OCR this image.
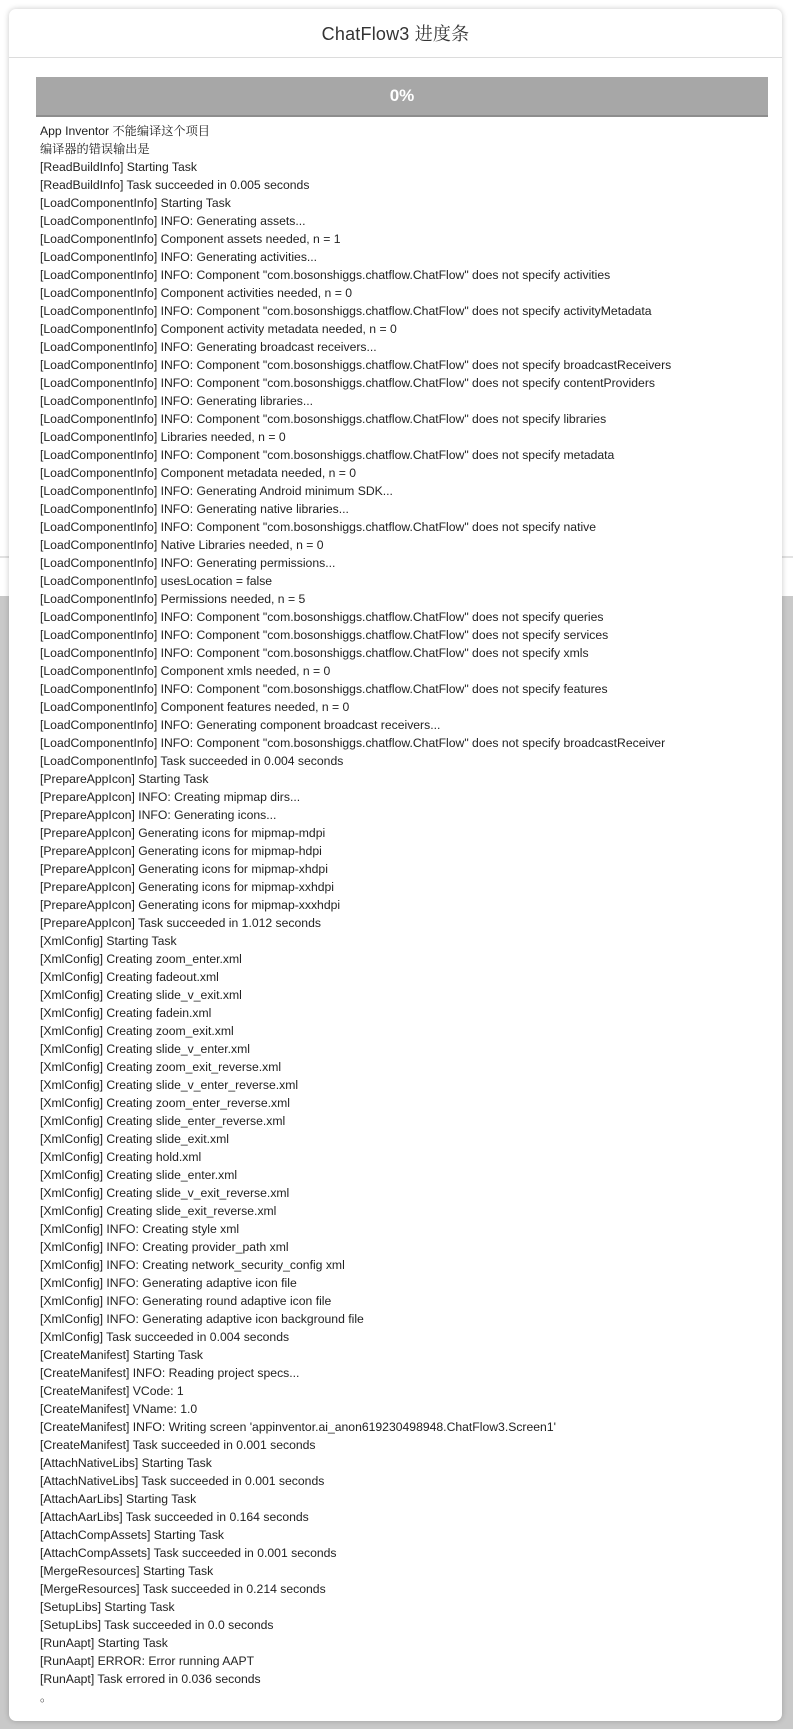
ChatFlow3 进度条
0%
App Inventor 不能编译这个项目
编译器的错误输出是
[ReadBuildInfo] Starting Task
[ReadBuildInfo] Task succeeded in 0.005 seconds
[LoadComponentInfo] Starting Task
[LoadComponentInfo] INFO: Generating assets...
[LoadComponentInfo] Component assets needed, n = 1
[LoadComponentInfo] INFO: Generating activities...
[LoadComponentInfo] INFO: Component "com.bosonshiggs.chatflow.ChatFlow" does not specify activities
[LoadComponentInfo] Component activities needed, n = 0
[LoadComponentInfo] INFO: Component "com.bosonshiggs.chatflow.ChatFlow" does not specify activityMetadata
[LoadComponentInfo] Component activity metadata needed, n = 0
[LoadComponentInfo] INFO: Generating broadcast receivers...
[LoadComponentInfo] INFO: Component "com.bosonshiggs.chatflow.ChatFlow" does not specify broadcastReceivers
[LoadComponentInfo] INFO: Component "com.bosonshiggs.chatflow.ChatFlow" does not specify contentProviders
[LoadComponentInfo] INFO: Generating libraries...
[LoadComponentInfo] INFO: Component "com.bosonshiggs.chatflow.ChatFlow" does not specify libraries
[LoadComponentInfo] Libraries needed, n = 0
[LoadComponentInfo] INFO: Component "com.bosonshiggs.chatflow.ChatFlow" does not specify metadata
[LoadComponentInfo] Component metadata needed, n = 0
[LoadComponentInfo] INFO: Generating Android minimum SDK...
[LoadComponentInfo] INFO: Generating native libraries...
[LoadComponentInfo] INFO: Component "com.bosonshiggs.chatflow.ChatFlow" does not specify native
[LoadComponentInfo] Native Libraries needed, n = 0
[LoadComponentInfo] INFO: Generating permissions...
[LoadComponentInfo] usesLocation = false
[LoadComponentInfo] Permissions needed, n = 5
[LoadComponentInfo] INFO: Component "com.bosonshiggs.chatflow.ChatFlow" does not specify queries
[LoadComponentInfo] INFO: Component "com.bosonshiggs.chatflow.ChatFlow" does not specify services
[LoadComponentInfo] INFO: Component "com.bosonshiggs.chatflow.ChatFlow" does not specify xmls
[LoadComponentInfo] Component xmls needed, n = 0
[LoadComponentInfo] INFO: Component "com.bosonshiggs.chatflow.ChatFlow" does not specify features
[LoadComponentInfo] Component features needed, n = 0
[LoadComponentInfo] INFO: Generating component broadcast receivers...
[LoadComponentInfo] INFO: Component "com.bosonshiggs.chatflow.ChatFlow" does not specify broadcastReceiver
[LoadComponentInfo] Task succeeded in 0.004 seconds
[PrepareAppIcon] Starting Task
[PrepareAppIcon] INFO: Creating mipmap dirs...
[PrepareAppIcon] INFO: Generating icons...
[PrepareAppIcon] Generating icons for mipmap-mdpi
[PrepareAppIcon] Generating icons for mipmap-hdpi
[PrepareAppIcon] Generating icons for mipmap-xhdpi
[PrepareAppIcon] Generating icons for mipmap-xxhdpi
[PrepareAppIcon] Generating icons for mipmap-xxxhdpi
[PrepareAppIcon] Task succeeded in 1.012 seconds
[XmlConfig] Starting Task
[XmlConfig] Creating zoom_enter.xml
[XmlConfig] Creating fadeout.xml
[XmlConfig] Creating slide_v_exit.xml
[XmlConfig] Creating fadein.xml
[XmlConfig] Creating zoom_exit.xml
[XmlConfig] Creating slide_v_enter.xml
[XmlConfig] Creating zoom_exit_reverse.xml
[XmlConfig] Creating slide_v_enter_reverse.xml
[XmlConfig] Creating zoom_enter_reverse.xml
[XmlConfig] Creating slide_enter_reverse.xml
[XmlConfig] Creating slide_exit.xml
[XmlConfig] Creating hold.xml
[XmlConfig] Creating slide_enter.xml
[XmlConfig] Creating slide_v_exit_reverse.xml
[XmlConfig] Creating slide_exit_reverse.xml
[XmlConfig] INFO: Creating style xml
[XmlConfig] INFO: Creating provider_path xml
[XmlConfig] INFO: Creating network_security_config xml
[XmlConfig] INFO: Generating adaptive icon file
[XmlConfig] INFO: Generating round adaptive icon file
[XmlConfig] INFO: Generating adaptive icon background file
[XmlConfig] Task succeeded in 0.004 seconds
[CreateManifest] Starting Task
[CreateManifest] INFO: Reading project specs...
[CreateManifest] VCode: 1
[CreateManifest] VName: 1.0
[CreateManifest] INFO: Writing screen 'appinventor.ai_anon619230498948.ChatFlow3.Screen1'
[CreateManifest] Task succeeded in 0.001 seconds
[AttachNativeLibs] Starting Task
[AttachNativeLibs] Task succeeded in 0.001 seconds
[AttachAarLibs] Starting Task
[AttachAarLibs] Task succeeded in 0.164 seconds
[AttachCompAssets] Starting Task
[AttachCompAssets] Task succeeded in 0.001 seconds
[MergeResources] Starting Task
[MergeResources] Task succeeded in 0.214 seconds
[SetupLibs] Starting Task
[SetupLibs] Task succeeded in 0.0 seconds
[RunAapt] Starting Task
[RunAapt] ERROR: Error running AAPT
[RunAapt] Task errored in 0.036 seconds
。
